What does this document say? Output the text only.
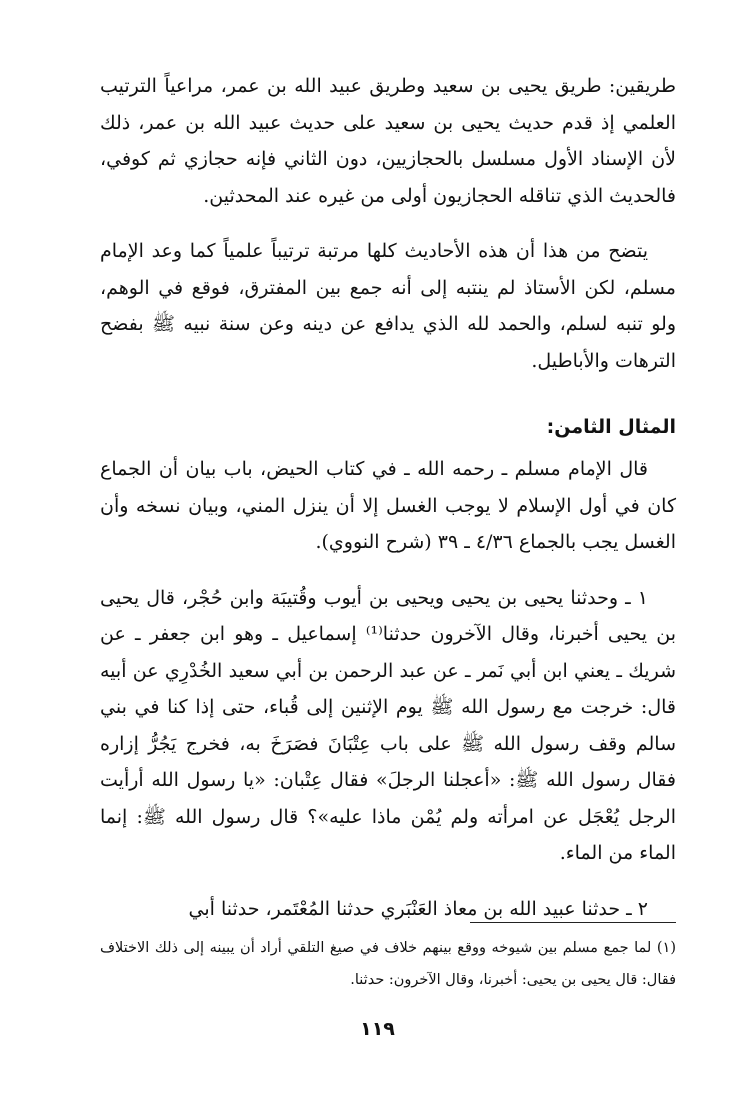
طريقين: طريق يحيى بن سعيد وطريق عبيد الله بن عمر، مراعياً الترتيب العلمي إذ قدم حديث يحيى بن سعيد على حديث عبيد الله بن عمر، ذلك لأن الإسناد الأول مسلسل بالحجازيين، دون الثاني فإنه حجازي ثم كوفي، فالحديث الذي تناقله الحجازيون أولى من غيره عند المحدثين.

يتضح من هذا أن هذه الأحاديث كلها مرتبة ترتيباً علمياً كما وعد الإمام مسلم، لكن الأستاذ لم ينتبه إلى أنه جمع بين المفترق، فوقع في الوهم، ولو تنبه لسلم، والحمد لله الذي يدافع عن دينه وعن سنة نبيه ﷺ بفضح الترهات والأباطيل.

المثال الثامن:

قال الإمام مسلم ـ رحمه الله ـ في كتاب الحيض، باب بيان أن الجماع كان في أول الإسلام لا يوجب الغسل إلا أن ينزل المني، وبيان نسخه وأن الغسل يجب بالجماع ٤/٣٦ ـ ٣٩ (شرح النووي).

١ ـ وحدثنا يحيى بن يحيى ويحيى بن أيوب وقُتيبَة وابن حُجْر، قال يحيى بن يحيى أخبرنا، وقال الآخرون حدثنا⁽¹⁾ إسماعيل ـ وهو ابن جعفر ـ عن شريك ـ يعني ابن أبي نَمر ـ عن عبد الرحمن بن أبي سعيد الخُدْرِي عن أبيه قال: خرجت مع رسول الله ﷺ يوم الإثنين إلى قُباء، حتى إذا كنا في بني سالم وقف رسول الله ﷺ على باب عِتْبَانَ فصَرَخَ به، فخرج يَجُرُّ إزاره فقال رسول الله ﷺ: «أعجلنا الرجلَ» فقال عِتْبان: «يا رسول الله أرأيت الرجل يُعْجَل عن امرأته ولم يُمْن ماذا عليه»؟ قال رسول الله ﷺ: إنما الماء من الماء.

٢ ـ حدثنا عبيد الله بن معاذ العَنْبَري حدثنا المُعْتَمر، حدثنا أبي

(١) لما جمع مسلم بين شيوخه ووقع بينهم خلاف في صيغ التلقي أراد أن يبينه إلى ذلك الاختلاف فقال: قال يحيى بن يحيى: أخبرنا، وقال الآخرون: حدثنا.

١١٩
